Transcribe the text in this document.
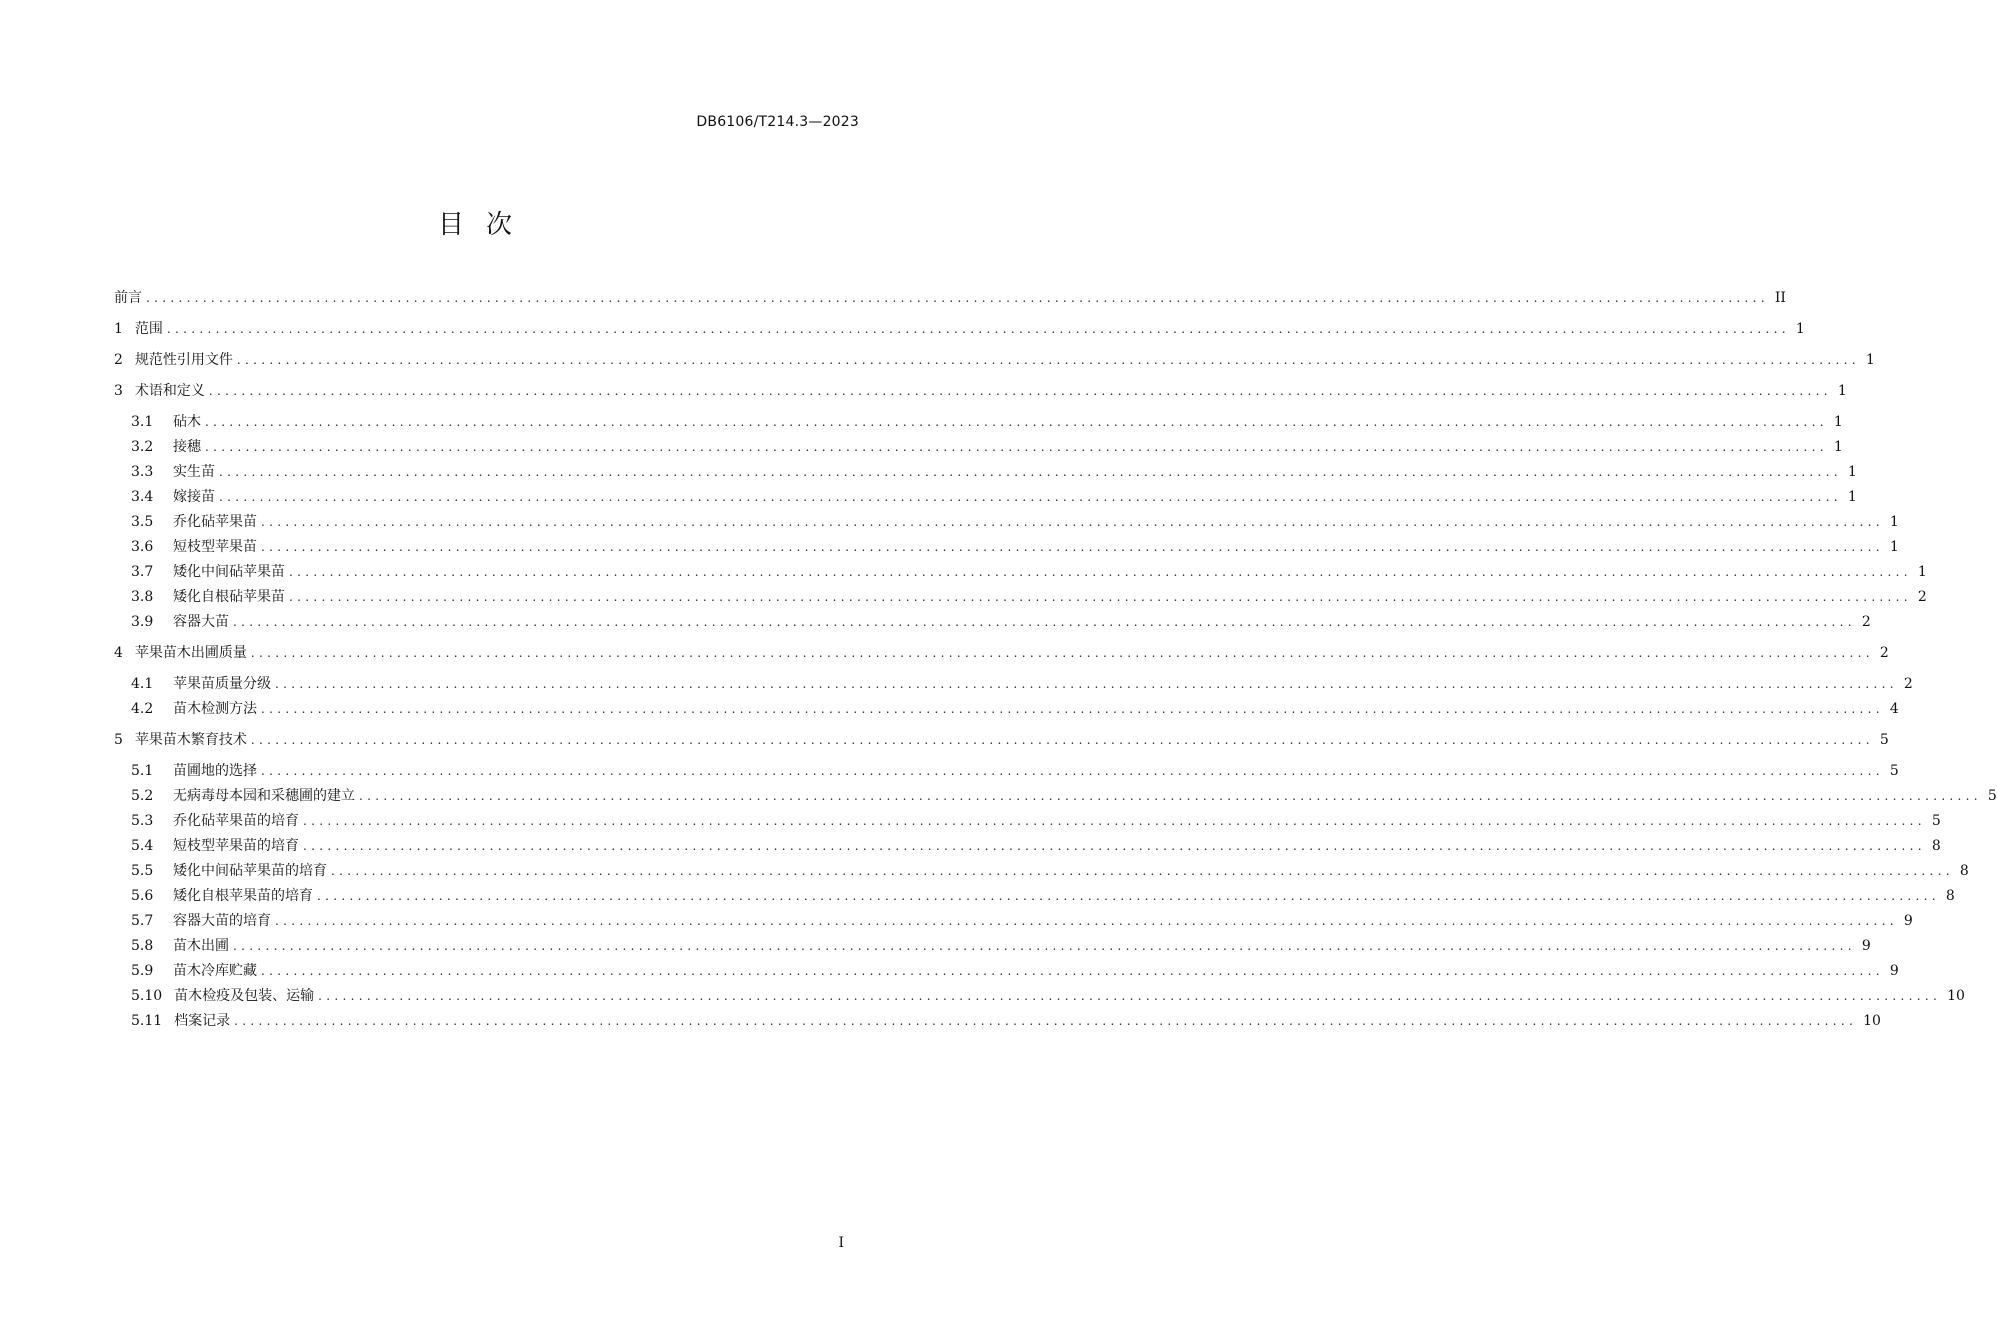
DB6106/T214.3—2023
目次
前言 ........................................................................................................................................................................................................ II
1 范围 ........................................................................................................................................................................................................ 1
2 规范性引用文件 ........................................................................................................................................................................................................ 1
3 术语和定义 ........................................................................................................................................................................................................ 1
3.1	砧木 ........................................................................................................................................................................................................ 1
3.2	接穗 ........................................................................................................................................................................................................ 1
3.3	实生苗 ........................................................................................................................................................................................................ 1
3.4	嫁接苗 ........................................................................................................................................................................................................ 1
3.5	乔化砧苹果苗 ........................................................................................................................................................................................................ 1
3.6	短枝型苹果苗 ........................................................................................................................................................................................................ 1
3.7	矮化中间砧苹果苗 ........................................................................................................................................................................................................ 1
3.8	矮化自根砧苹果苗 ........................................................................................................................................................................................................ 2
3.9	容器大苗 ........................................................................................................................................................................................................ 2
4 苹果苗木出圃质量 ........................................................................................................................................................................................................ 2
4.1	苹果苗质量分级 ........................................................................................................................................................................................................ 2
4.2	苗木检测方法 ........................................................................................................................................................................................................ 4
5 苹果苗木繁育技术 ........................................................................................................................................................................................................ 5
5.1	苗圃地的选择 ........................................................................................................................................................................................................ 5
5.2	无病毒母本园和采穗圃的建立 ........................................................................................................................................................................................................ 5
5.3	乔化砧苹果苗的培育 ........................................................................................................................................................................................................ 5
5.4	短枝型苹果苗的培育 ........................................................................................................................................................................................................ 8
5.5	矮化中间砧苹果苗的培育 ........................................................................................................................................................................................................ 8
5.6	矮化自根苹果苗的培育 ........................................................................................................................................................................................................ 8
5.7	容器大苗的培育 ........................................................................................................................................................................................................ 9
5.8	苗木出圃 ........................................................................................................................................................................................................ 9
5.9	苗木冷库贮藏 ........................................................................................................................................................................................................ 9
5.10 苗木检疫及包装、运输 ........................................................................................................................................................................................................ 10
5.11 档案记录 ........................................................................................................................................................................................................ 10
I
